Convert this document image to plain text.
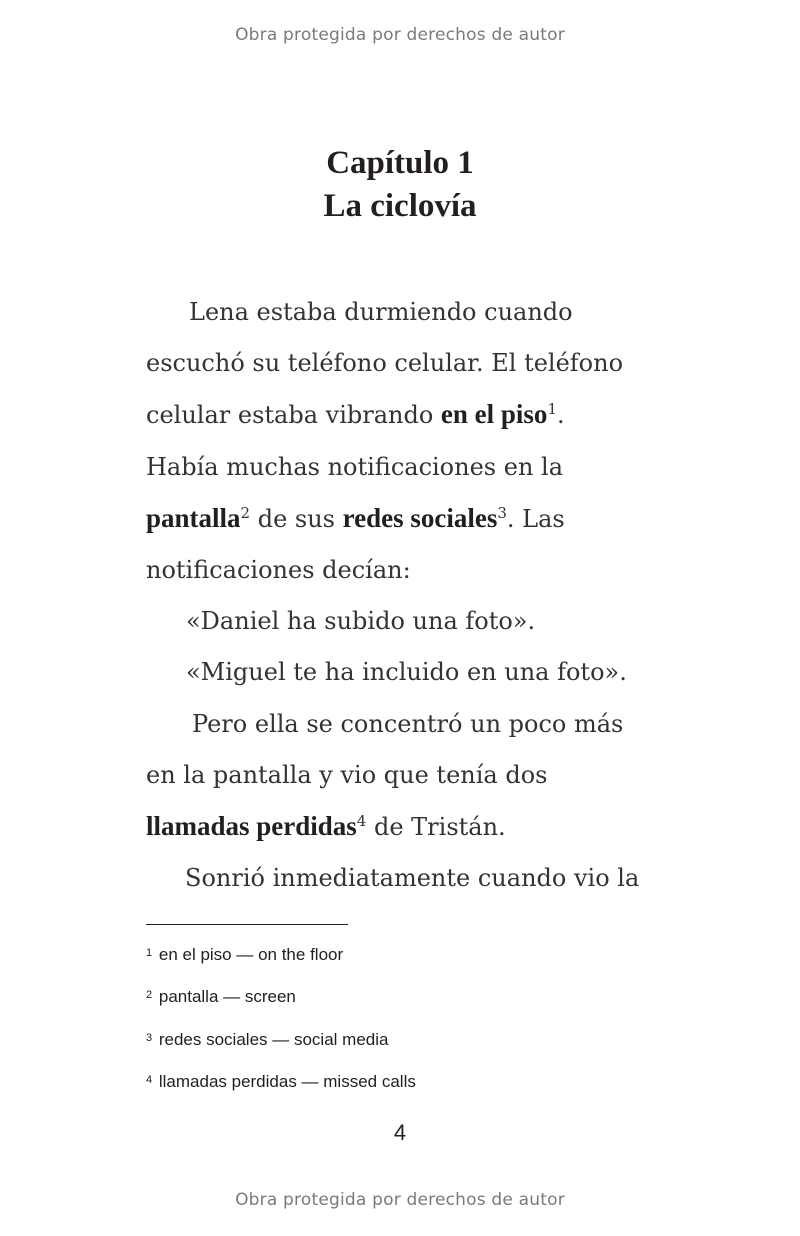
Obra protegida por derechos de autor
Capítulo 1
La ciclovía
Lena estaba durmiendo cuando
escuchó su teléfono celular. El teléfono
celular estaba vibrando en el piso$^1$.
Había muchas notificaciones en la
pantalla$^2$ de sus redes sociales$^3$. Las
notificaciones decían:
«Daniel ha subido una foto».
«Miguel te ha incluido en una foto».
Pero ella se concentró un poco más
en la pantalla y vio que tenía dos
llamadas perdidas$^4$ de Tristán.
Sonrió inmediatamente cuando vio la
$^1$ en el piso — on the floor
$^2$ pantalla — screen
$^3$ redes sociales — social media
$^4$ llamadas perdidas — missed calls
4
Obra protegida por derechos de autor
